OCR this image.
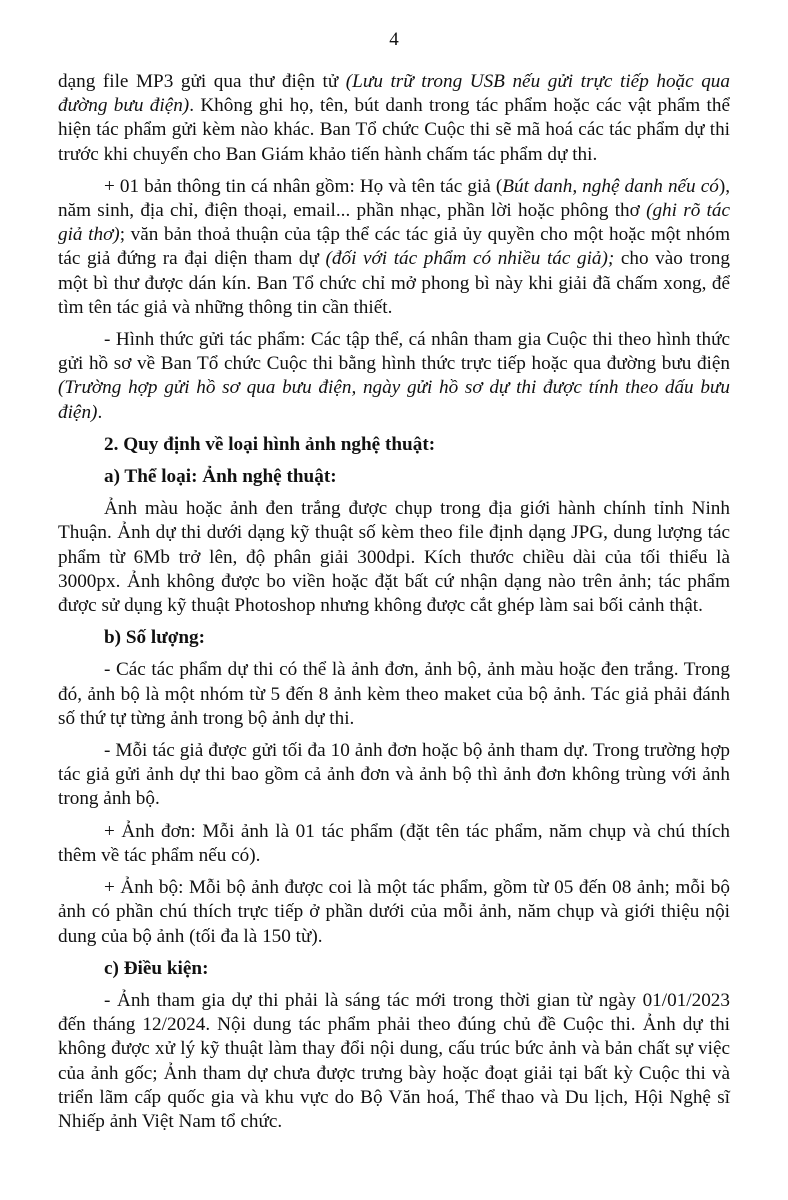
4

dạng file MP3 gửi qua thư điện tử (Lưu trữ trong USB nếu gửi trực tiếp hoặc qua đường bưu điện). Không ghi họ, tên, bút danh trong tác phẩm hoặc các vật phẩm thể hiện tác phẩm gửi kèm nào khác. Ban Tổ chức Cuộc thi sẽ mã hoá các tác phẩm dự thi trước khi chuyển cho Ban Giám khảo tiến hành chấm tác phẩm dự thi.

+ 01 bản thông tin cá nhân gồm: Họ và tên tác giả (Bút danh, nghệ danh nếu có), năm sinh, địa chỉ, điện thoại, email... phần nhạc, phần lời hoặc phông thơ (ghi rõ tác giả thơ); văn bản thoả thuận của tập thể các tác giả ủy quyền cho một hoặc một nhóm tác giả đứng ra đại diện tham dự (đối với tác phẩm có nhiều tác giả); cho vào trong một bì thư được dán kín. Ban Tổ chức chỉ mở phong bì này khi giải đã chấm xong, để tìm tên tác giả và những thông tin cần thiết.

- Hình thức gửi tác phẩm: Các tập thể, cá nhân tham gia Cuộc thi theo hình thức gửi hồ sơ về Ban Tổ chức Cuộc thi bằng hình thức trực tiếp hoặc qua đường bưu điện (Trường hợp gửi hồ sơ qua bưu điện, ngày gửi hồ sơ dự thi được tính theo dấu bưu điện).

2. Quy định về loại hình ảnh nghệ thuật:

a) Thể loại: Ảnh nghệ thuật:

Ảnh màu hoặc ảnh đen trắng được chụp trong địa giới hành chính tỉnh Ninh Thuận. Ảnh dự thi dưới dạng kỹ thuật số kèm theo file định dạng JPG, dung lượng tác phẩm từ 6Mb trở lên, độ phân giải 300dpi. Kích thước chiều dài của tối thiểu là 3000px. Ảnh không được bo viền hoặc đặt bất cứ nhận dạng nào trên ảnh; tác phẩm được sử dụng kỹ thuật Photoshop nhưng không được cắt ghép làm sai bối cảnh thật.

b) Số lượng:

- Các tác phẩm dự thi có thể là ảnh đơn, ảnh bộ, ảnh màu hoặc đen trắng. Trong đó, ảnh bộ là một nhóm từ 5 đến 8 ảnh kèm theo maket của bộ ảnh. Tác giả phải đánh số thứ tự từng ảnh trong bộ ảnh dự thi.

- Mỗi tác giả được gửi tối đa 10 ảnh đơn hoặc bộ ảnh tham dự. Trong trường hợp tác giả gửi ảnh dự thi bao gồm cả ảnh đơn và ảnh bộ thì ảnh đơn không trùng với ảnh trong ảnh bộ.

+ Ảnh đơn: Mỗi ảnh là 01 tác phẩm (đặt tên tác phẩm, năm chụp và chú thích thêm về tác phẩm nếu có).

+ Ảnh bộ: Mỗi bộ ảnh được coi là một tác phẩm, gồm từ 05 đến 08 ảnh; mỗi bộ ảnh có phần chú thích trực tiếp ở phần dưới của mỗi ảnh, năm chụp và giới thiệu nội dung của bộ ảnh (tối đa là 150 từ).

c) Điều kiện:

- Ảnh tham gia dự thi phải là sáng tác mới trong thời gian từ ngày 01/01/2023 đến tháng 12/2024. Nội dung tác phẩm phải theo đúng chủ đề Cuộc thi. Ảnh dự thi không được xử lý kỹ thuật làm thay đổi nội dung, cấu trúc bức ảnh và bản chất sự việc của ảnh gốc; Ảnh tham dự chưa được trưng bày hoặc đoạt giải tại bất kỳ Cuộc thi và triển lãm cấp quốc gia và khu vực do Bộ Văn hoá, Thể thao và Du lịch, Hội Nghệ sĩ Nhiếp ảnh Việt Nam tổ chức.
